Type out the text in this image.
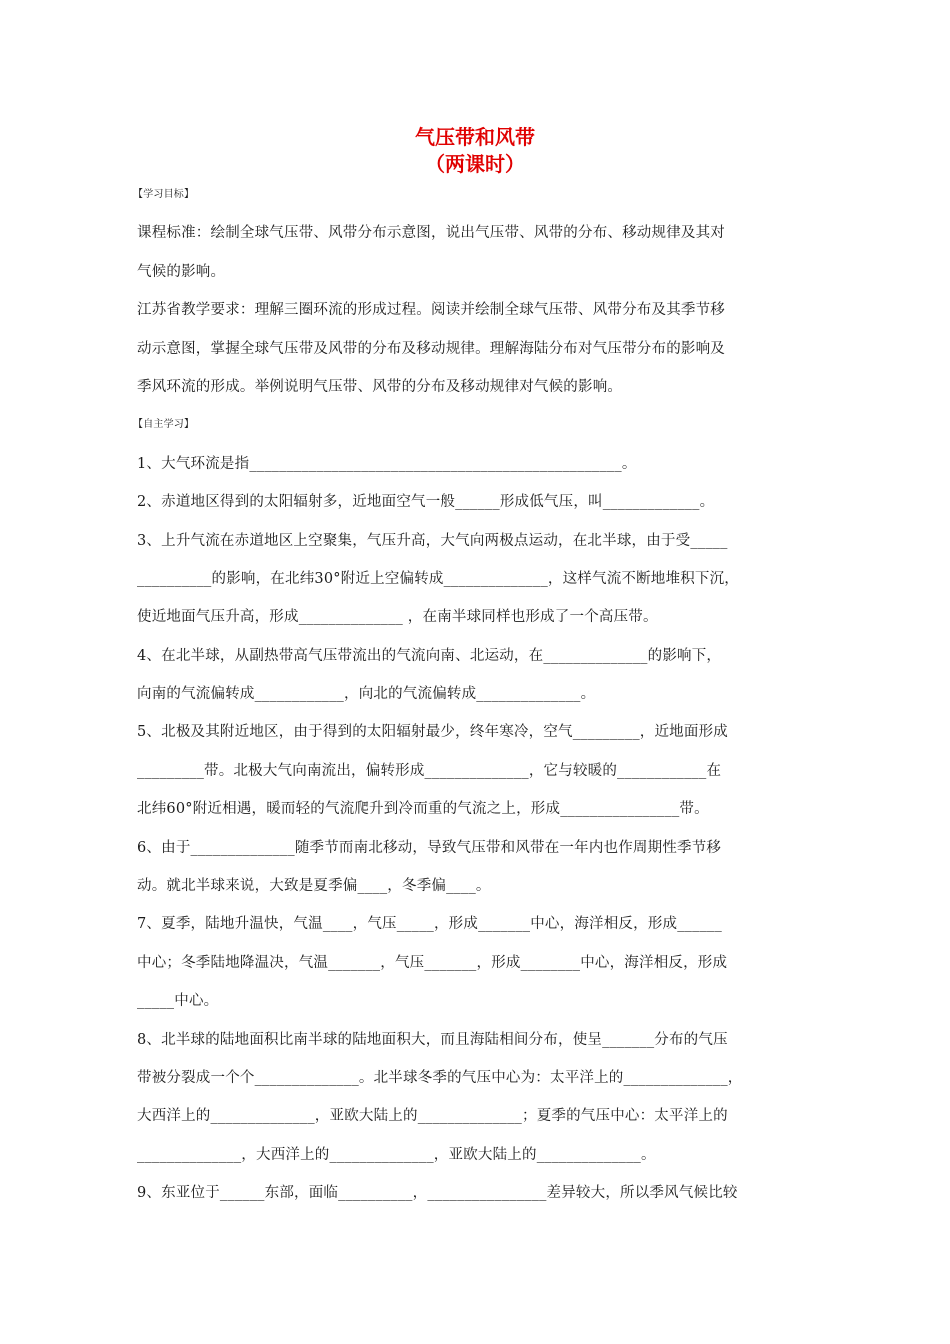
气压带和风带
（两课时）
【学习目标】
课程标准：绘制全球气压带、风带分布示意图，说出气压带、风带的分布、移动规律及其对
气候的影响。
江苏省教学要求：理解三圈环流的形成过程。阅读并绘制全球气压带、风带分布及其季节移
动示意图，掌握全球气压带及风带的分布及移动规律。理解海陆分布对气压带分布的影响及
季风环流的形成。举例说明气压带、风带的分布及移动规律对气候的影响。
【自主学习】
1、大气环流是指__________________________________________________。
2、赤道地区得到的太阳辐射多，近地面空气一般______形成低气压，叫_____________。
3、上升气流在赤道地区上空聚集，气压升高，大气向两极点运动，在北半球，由于受_____
__________的影响，在北纬30°附近上空偏转成______________，这样气流不断地堆积下沉，
使近地面气压升高，形成______________ ，在南半球同样也形成了一个高压带。
4、在北半球，从副热带高气压带流出的气流向南、北运动，在______________的影响下，
向南的气流偏转成____________，向北的气流偏转成______________。
5、北极及其附近地区，由于得到的太阳辐射最少，终年寒冷，空气_________，近地面形成
_________带。北极大气向南流出，偏转形成______________，它与较暖的____________在
北纬60°附近相遇，暖而轻的气流爬升到冷而重的气流之上，形成________________带。
6、由于______________随季节而南北移动，导致气压带和风带在一年内也作周期性季节移
动。就北半球来说，大致是夏季偏____，冬季偏____。
7、夏季，陆地升温快，气温____，气压_____，形成_______中心，海洋相反，形成______
中心；冬季陆地降温决，气温_______，气压_______，形成________中心，海洋相反，形成
_____中心。
8、北半球的陆地面积比南半球的陆地面积大，而且海陆相间分布，使呈_______分布的气压
带被分裂成一个个______________。北半球冬季的气压中心为：太平洋上的______________，
大西洋上的______________，亚欧大陆上的______________；夏季的气压中心：太平洋上的
______________，大西洋上的______________，亚欧大陆上的______________。
9、东亚位于______东部，面临__________，________________差异较大，所以季风气候比较
